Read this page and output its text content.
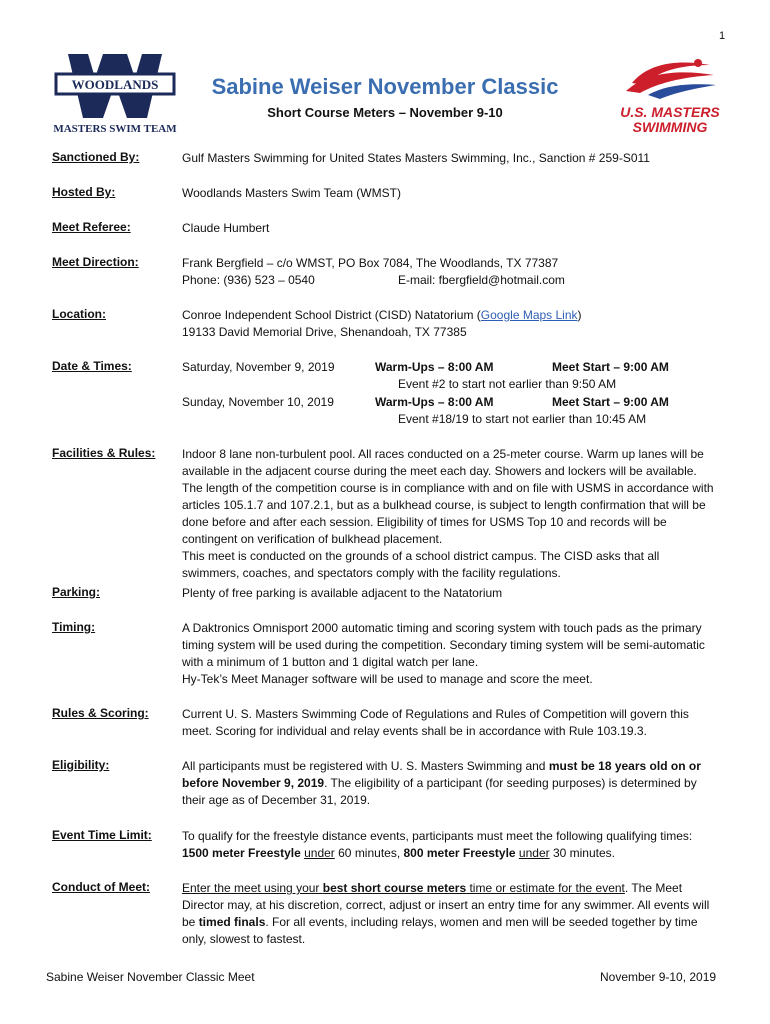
1
WOODLANDS
MASTERS SWIM TEAM
U.S. MASTERS
SWIMMING
Sabine Weiser November Classic
Short Course Meters – November 9-10
Sanctioned By:	Gulf Masters Swimming for United States Masters Swimming, Inc., Sanction # 259-S011
Hosted By:	Woodlands Masters Swim Team (WMST)
Meet Referee:	Claude Humbert
Meet Direction:	Frank Bergfield – c/o WMST, PO Box 7084, The Woodlands, TX 77387
Phone: (936) 523 – 0540	E-mail: fbergfield@hotmail.com
Location:	Conroe Independent School District (CISD) Natatorium (Google Maps Link)
19133 David Memorial Drive, Shenandoah, TX 77385
Date & Times:	Saturday, November 9, 2019	Warm-Ups – 8:00 AM	Meet Start – 9:00 AM
Event #2 to start not earlier than 9:50 AM
Sunday, November 10, 2019	Warm-Ups – 8:00 AM	Meet Start – 9:00 AM
Event #18/19 to start not earlier than 10:45 AM
Facilities & Rules: Indoor 8 lane non-turbulent pool. All races conducted on a 25-meter course. Warm up lanes will be available in the adjacent course during the meet each day. Showers and lockers will be available. The length of the competition course is in compliance with and on file with USMS in accordance with articles 105.1.7 and 107.2.1, but as a bulkhead course, is subject to length confirmation that will be done before and after each session. Eligibility of times for USMS Top 10 and records will be contingent on verification of bulkhead placement.
This meet is conducted on the grounds of a school district campus. The CISD asks that all swimmers, coaches, and spectators comply with the facility regulations.
Parking:	Plenty of free parking is available adjacent to the Natatorium
Timing:	A Daktronics Omnisport 2000 automatic timing and scoring system with touch pads as the primary timing system will be used during the competition. Secondary timing system will be semi-automatic with a minimum of 1 button and 1 digital watch per lane.
Hy-Tek’s Meet Manager software will be used to manage and score the meet.
Rules & Scoring:	Current U. S. Masters Swimming Code of Regulations and Rules of Competition will govern this meet. Scoring for individual and relay events shall be in accordance with Rule 103.19.3.
Eligibility:	All participants must be registered with U. S. Masters Swimming and must be 18 years old on or before November 9, 2019. The eligibility of a participant (for seeding purposes) is determined by their age as of December 31, 2019.
Event Time Limit:	To qualify for the freestyle distance events, participants must meet the following qualifying times: 1500 meter Freestyle under 60 minutes, 800 meter Freestyle under 30 minutes.
Conduct of Meet:	Enter the meet using your best short course meters time or estimate for the event. The Meet Director may, at his discretion, correct, adjust or insert an entry time for any swimmer. All events will be timed finals. For all events, including relays, women and men will be seeded together by time only, slowest to fastest.
Sabine Weiser November Classic Meet	November 9-10, 2019
